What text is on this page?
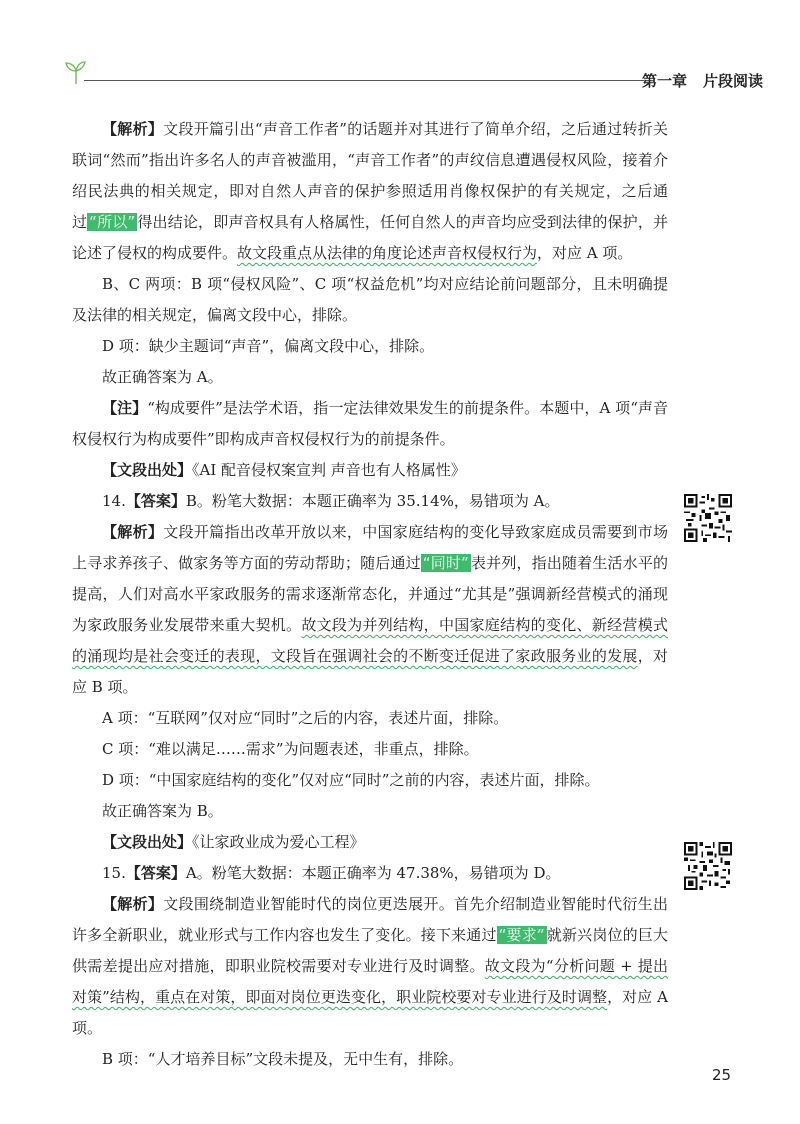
第一章 片段阅读

【解析】文段开篇引出“声音工作者”的话题并对其进行了简单介绍，之后通过转折关联词“然而”指出许多名人的声音被滥用，“声音工作者”的声纹信息遭遇侵权风险，接着介绍民法典的相关规定，即对自然人声音的保护参照适用肖像权保护的有关规定，之后通过 “所以” 得出结论，即声音权具有人格属性，任何自然人的声音均应受到法律的保护，并论述了侵权的构成要件。故文段重点从法律的角度论述声音权侵权行为，对应 A 项。

B、C 两项：B 项“侵权风险”、C 项“权益危机”均对应结论前问题部分，且未明确提及法律的相关规定，偏离文段中心，排除。

D 项：缺少主题词“声音”，偏离文段中心，排除。

故正确答案为 A。

【注】“构成要件”是法学术语，指一定法律效果发生的前提条件。本题中，A 项“声音权侵权行为构成要件”即构成声音权侵权行为的前提条件。

【文段出处】《AI 配音侵权案宣判 声音也有人格属性》

14.【答案】B。粉笔大数据：本题正确率为 35.14%，易错项为 A。

【解析】文段开篇指出改革开放以来，中国家庭结构的变化导致家庭成员需要到市场上寻求养孩子、做家务等方面的劳动帮助；随后通过 “同时” 表并列，指出随着生活水平的提高，人们对高水平家政服务的需求逐渐常态化，并通过“尤其是”强调新经营模式的涌现为家政服务业发展带来重大契机。故文段为并列结构，中国家庭结构的变化、新经营模式的涌现均是社会变迁的表现，文段旨在强调社会的不断变迁促进了家政服务业的发展，对应 B 项。

A 项：“互联网”仅对应“同时”之后的内容，表述片面，排除。

C 项：“难以满足……需求”为问题表述，非重点，排除。

D 项：“中国家庭结构的变化”仅对应“同时”之前的内容，表述片面，排除。

故正确答案为 B。

【文段出处】《让家政业成为爱心工程》

15.【答案】A。粉笔大数据：本题正确率为 47.38%，易错项为 D。

【解析】文段围绕制造业智能时代的岗位更迭展开。首先介绍制造业智能时代衍生出许多全新职业，就业形式与工作内容也发生了变化。接下来通过 “要求” 就新兴岗位的巨大供需差提出应对措施，即职业院校需要对专业进行及时调整。故文段为“分析问题 + 提出对策”结构，重点在对策，即面对岗位更迭变化，职业院校要对专业进行及时调整，对应 A 项。

B 项：“人才培养目标”文段未提及，无中生有，排除。

25
